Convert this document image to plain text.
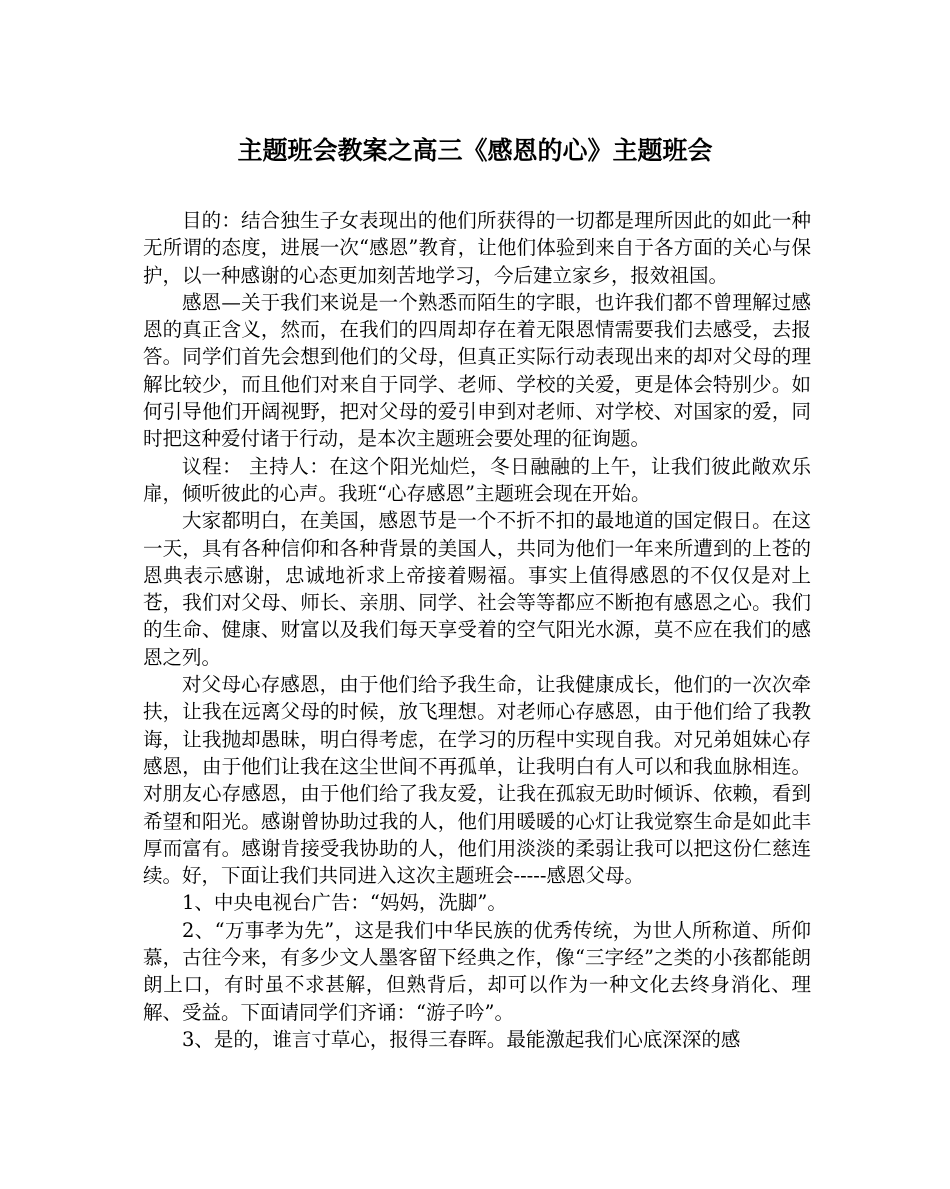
主题班会教案之高三《感恩的心》主题班会

目的：结合独生子女表现出的他们所获得的一切都是理所因此的如此一种无所谓的态度，进展一次“感恩”教育，让他们体验到来自于各方面的关心与保护，以一种感谢的心态更加刻苦地学习，今后建立家乡，报效祖国。

感恩—关于我们来说是一个熟悉而陌生的字眼，也许我们都不曾理解过感恩的真正含义，然而，在我们的四周却存在着无限恩情需要我们去感受，去报答。同学们首先会想到他们的父母，但真正实际行动表现出来的却对父母的理解比较少，而且他们对来自于同学、老师、学校的关爱，更是体会特别少。如何引导他们开阔视野，把对父母的爱引申到对老师、对学校、对国家的爱，同时把这种爱付诸于行动，是本次主题班会要处理的征询题。

议程： 主持人：在这个阳光灿烂，冬日融融的上午，让我们彼此敞欢乐扉，倾听彼此的心声。我班“心存感恩”主题班会现在开始。

大家都明白，在美国，感恩节是一个不折不扣的最地道的国定假日。在这一天，具有各种信仰和各种背景的美国人，共同为他们一年来所遭到的上苍的恩典表示感谢，忠诚地祈求上帝接着赐福。事实上值得感恩的不仅仅是对上苍，我们对父母、师长、亲朋、同学、社会等等都应不断抱有感恩之心。我们的生命、健康、财富以及我们每天享受着的空气阳光水源，莫不应在我们的感恩之列。

对父母心存感恩，由于他们给予我生命，让我健康成长，他们的一次次牵扶，让我在远离父母的时候，放飞理想。对老师心存感恩，由于他们给了我教诲，让我抛却愚昧，明白得考虑，在学习的历程中实现自我。对兄弟姐妹心存感恩，由于他们让我在这尘世间不再孤单，让我明白有人可以和我血脉相连。对朋友心存感恩，由于他们给了我友爱，让我在孤寂无助时倾诉、依赖，看到希望和阳光。感谢曾协助过我的人，他们用暖暖的心灯让我觉察生命是如此丰厚而富有。感谢肯接受我协助的人，他们用淡淡的柔弱让我可以把这份仁慈连续。好，下面让我们共同进入这次主题班会-----感恩父母。

1、中央电视台广告：“妈妈，洗脚”。

2、“万事孝为先”，这是我们中华民族的优秀传统，为世人所称道、所仰慕，古往今来，有多少文人墨客留下经典之作，像“三字经”之类的小孩都能朗朗上口，有时虽不求甚解，但熟背后，却可以作为一种文化去终身消化、理解、受益。下面请同学们齐诵：“游子吟”。

3、是的，谁言寸草心，报得三春晖。最能激起我们心底深深的感
